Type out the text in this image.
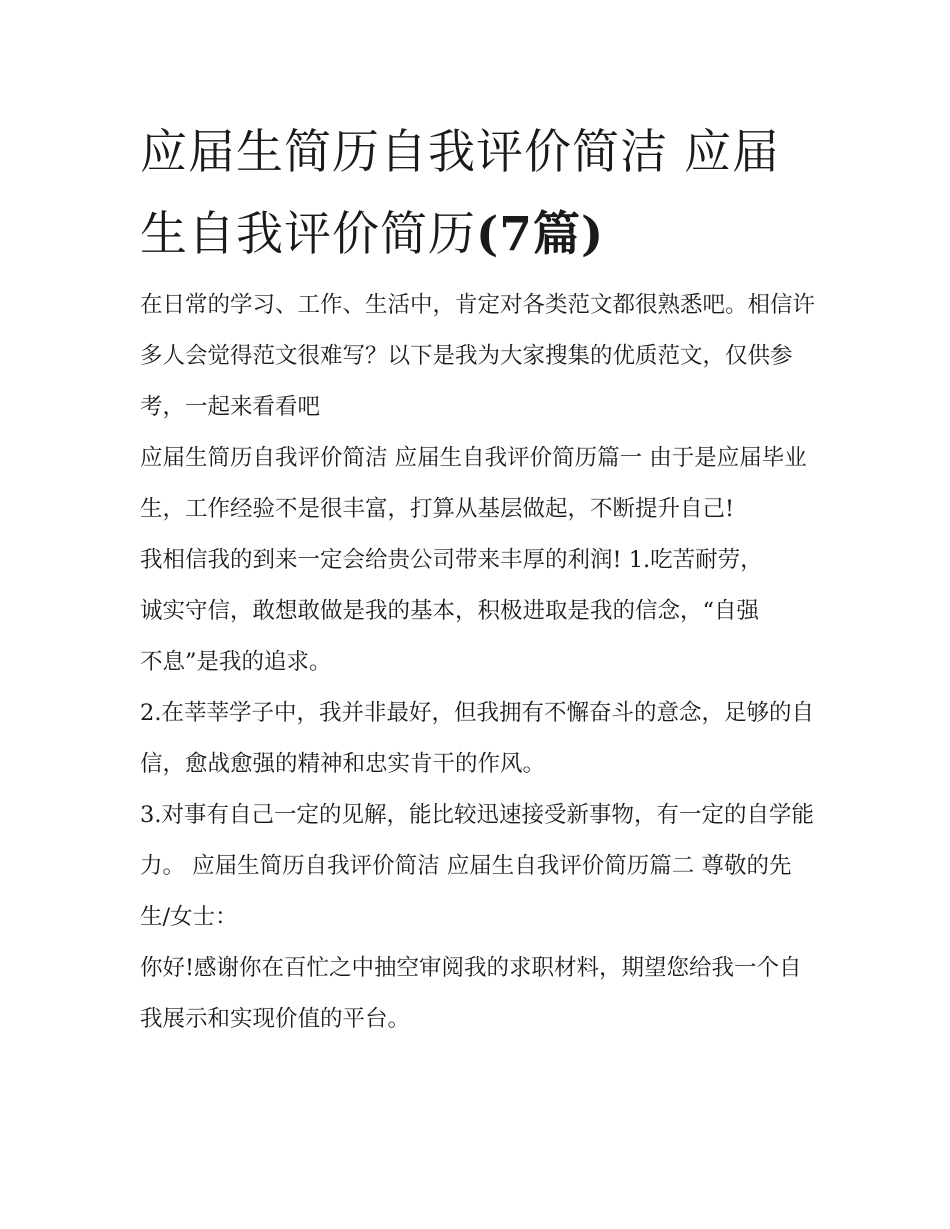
应届生简历自我评价简洁 应届生自我评价简历(7篇)

在日常的学习、工作、生活中，肯定对各类范文都很熟悉吧。相信许多人会觉得范文很难写？以下是我为大家搜集的优质范文，仅供参考，一起来看看吧

应届生简历自我评价简洁 应届生自我评价简历篇一 由于是应届毕业生，工作经验不是很丰富，打算从基层做起，不断提升自己!

我相信我的到来一定会给贵公司带来丰厚的利润! 1.吃苦耐劳，诚实守信，敢想敢做是我的基本，积极进取是我的信念，“自强不息”是我的追求。

2.在莘莘学子中，我并非最好，但我拥有不懈奋斗的意念，足够的自信，愈战愈强的精神和忠实肯干的作风。

3.对事有自己一定的见解，能比较迅速接受新事物，有一定的自学能力。 应届生简历自我评价简洁 应届生自我评价简历篇二 尊敬的先生/女士：

你好!感谢你在百忙之中抽空审阅我的求职材料，期望您给我一个自我展示和实现价值的平台。
